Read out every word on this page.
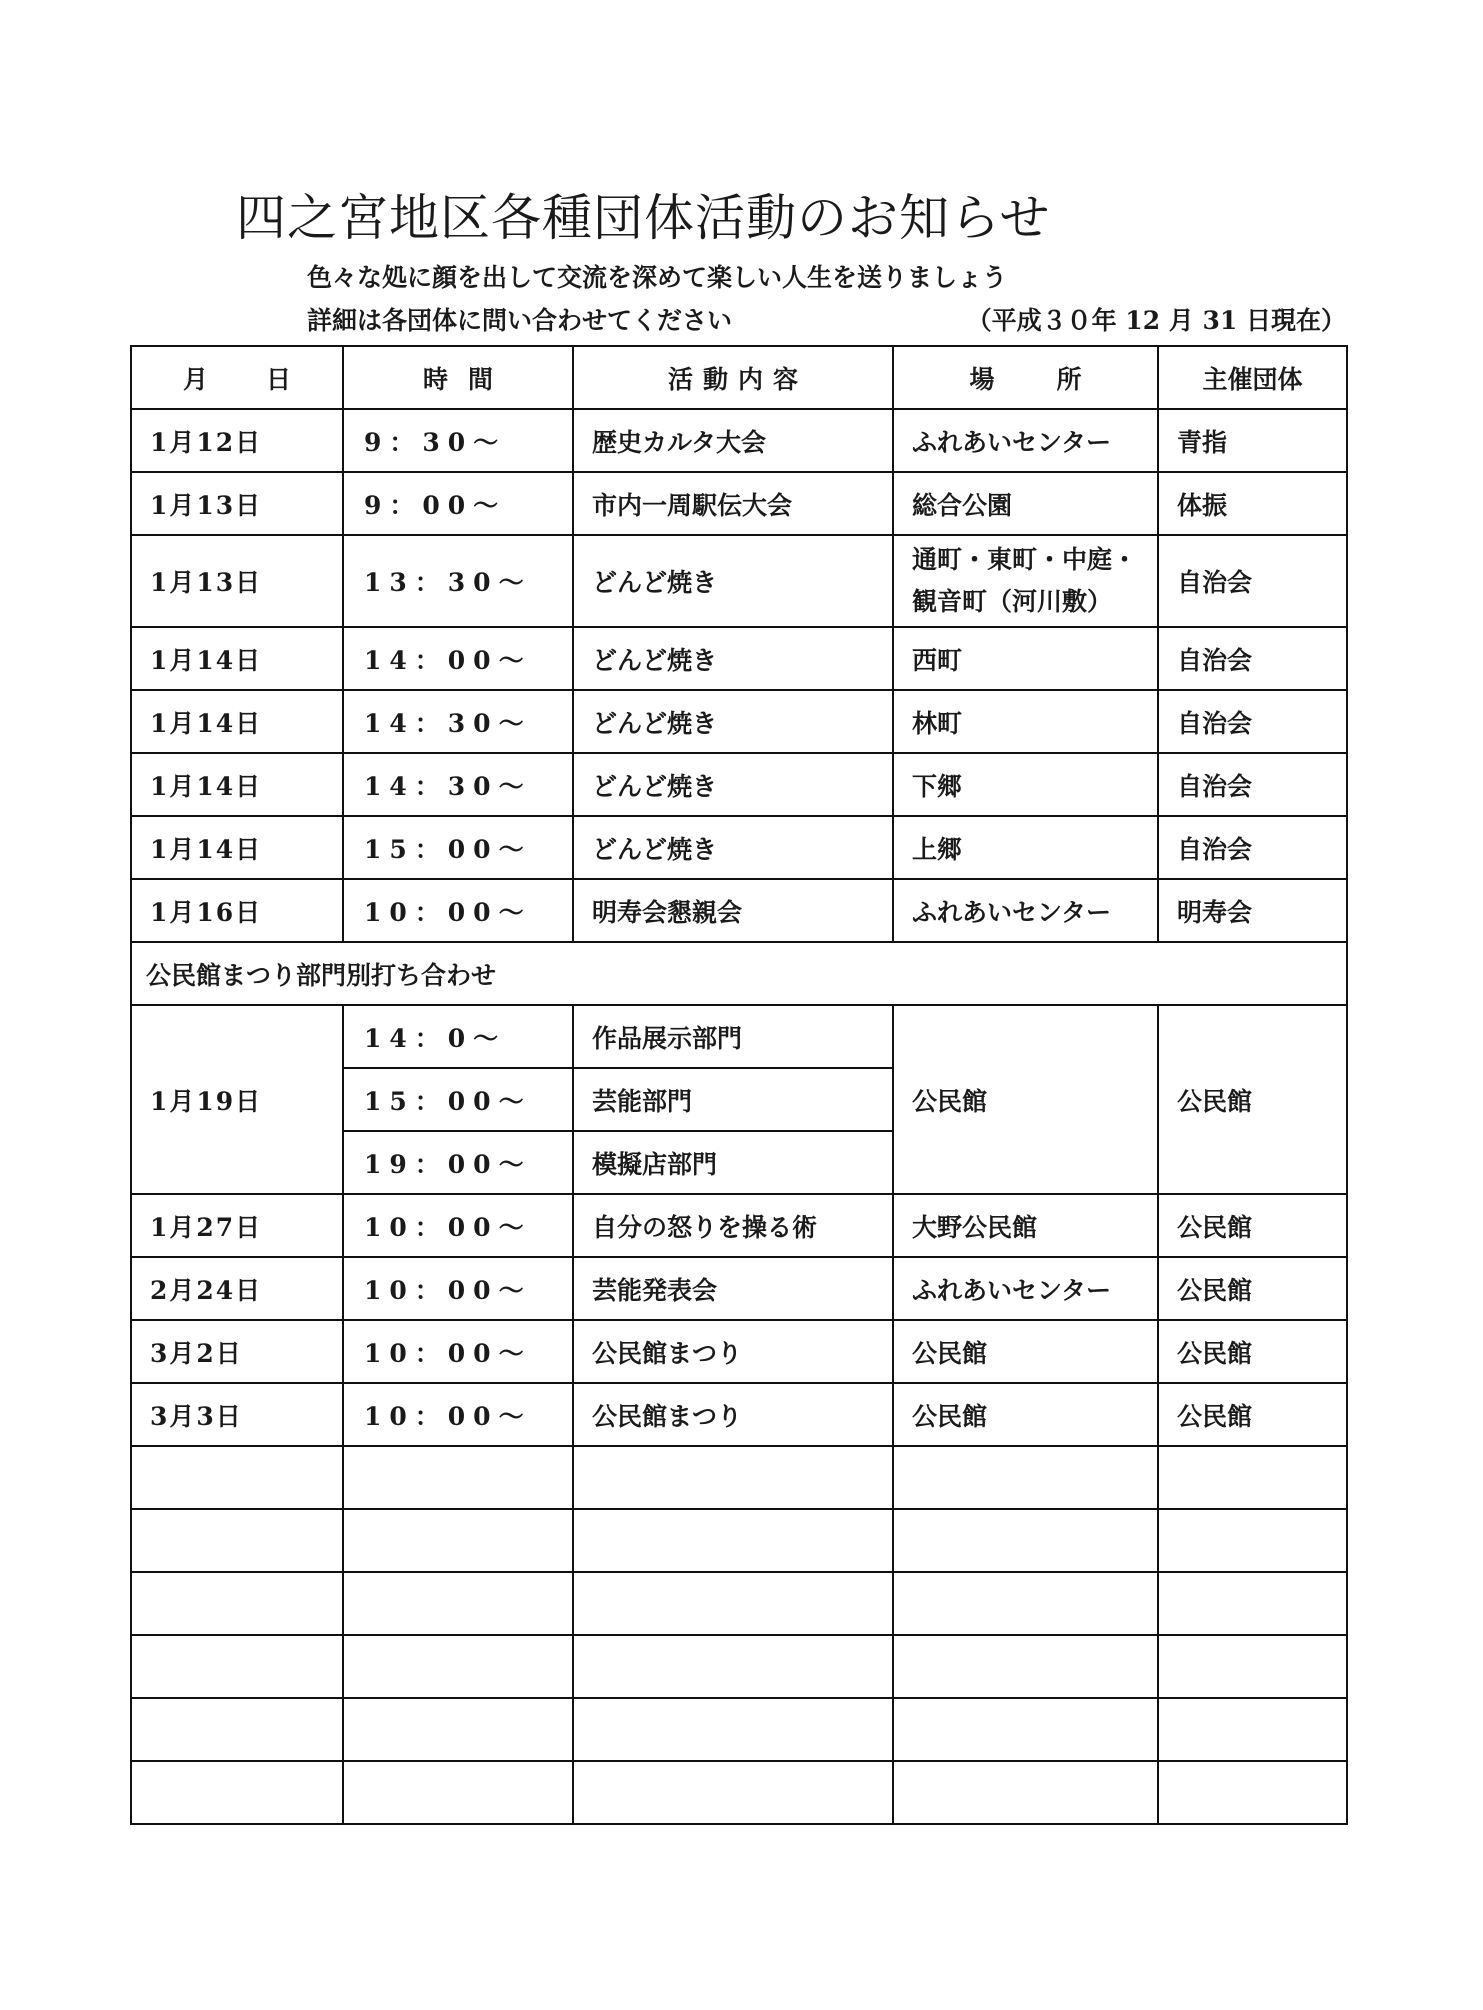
四之宮地区各種団体活動のお知らせ
色々な処に顔を出して交流を深めて楽しい人生を送りましょう
詳細は各団体に問い合わせてください	（平成３０年 12 月 31 日現在）
月日	時間	活動内容	場所	主催団体
1月12日	9：30～	歴史カルタ大会	ふれあいセンター	青指
1月13日	9：00～	市内一周駅伝大会	総合公園	体振
1月13日	13：30～	どんど焼き	通町・東町・中庭・観音町（河川敷）	自治会
1月14日	14：00～	どんど焼き	西町	自治会
1月14日	14：30～	どんど焼き	林町	自治会
1月14日	14：30～	どんど焼き	下郷	自治会
1月14日	15：00～	どんど焼き	上郷	自治会
1月16日	10：00～	明寿会懇親会	ふれあいセンター	明寿会
公民館まつり部門別打ち合わせ				
1月19日	14：0～	作品展示部門	公民館	公民館
	15：00～	芸能部門		
	19：00～	模擬店部門		
1月27日	10：00～	自分の怒りを操る術	大野公民館	公民館
2月24日	10：00～	芸能発表会	ふれあいセンター	公民館
3月2日	10：00～	公民館まつり	公民館	公民館
3月3日	10：00～	公民館まつり	公民館	公民館
